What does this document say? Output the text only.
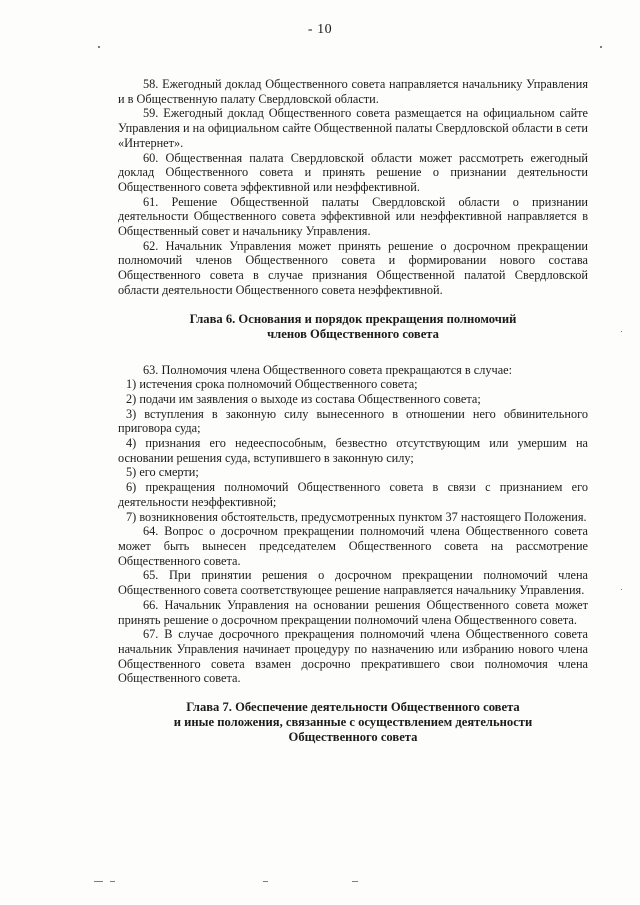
- 10

58. Ежегодный доклад Общественного совета направляется начальнику Управления и в Общественную палату Свердловской области.

59. Ежегодный доклад Общественного совета размещается на официальном сайте Управления и на официальном сайте Общественной палаты Свердловской области в сети «Интернет».

60. Общественная палата Свердловской области может рассмотреть ежегодный доклад Общественного совета и принять решение о признании деятельности Общественного совета эффективной или неэффективной.

61. Решение Общественной палаты Свердловской области о признании деятельности Общественного совета эффективной или неэффективной направляется в Общественный совет и начальнику Управления.

62. Начальник Управления может принять решение о досрочном прекращении полномочий членов Общественного совета и формировании нового состава Общественного совета в случае признания Общественной палатой Свердловской области деятельности Общественного совета неэффективной.

Глава 6. Основания и порядок прекращения полномочий
членов Общественного совета

63. Полномочия члена Общественного совета прекращаются в случае:

1) истечения срока полномочий Общественного совета;

2) подачи им заявления о выходе из состава Общественного совета;

3) вступления в законную силу вынесенного в отношении него обвинительного приговора суда;

4) признания его недееспособным, безвестно отсутствующим или умершим на основании решения суда, вступившего в законную силу;

5) его смерти;

6) прекращения полномочий Общественного совета в связи с признанием его деятельности неэффективной;

7) возникновения обстоятельств, предусмотренных пунктом 37 настоящего Положения.

64. Вопрос о досрочном прекращении полномочий члена Общественного совета может быть вынесен председателем Общественного совета на рассмотрение Общественного совета.

65. При принятии решения о досрочном прекращении полномочий члена Общественного совета соответствующее решение направляется начальнику Управления.

66. Начальник Управления на основании решения Общественного совета может принять решение о досрочном прекращении полномочий члена Общественного совета.

67. В случае досрочного прекращения полномочий члена Общественного совета начальник Управления начинает процедуру по назначению или избранию нового члена Общественного совета взамен досрочно прекратившего свои полномочия члена Общественного совета.

Глава 7. Обеспечение деятельности Общественного совета
и иные положения, связанные с осуществлением деятельности
Общественного совета
